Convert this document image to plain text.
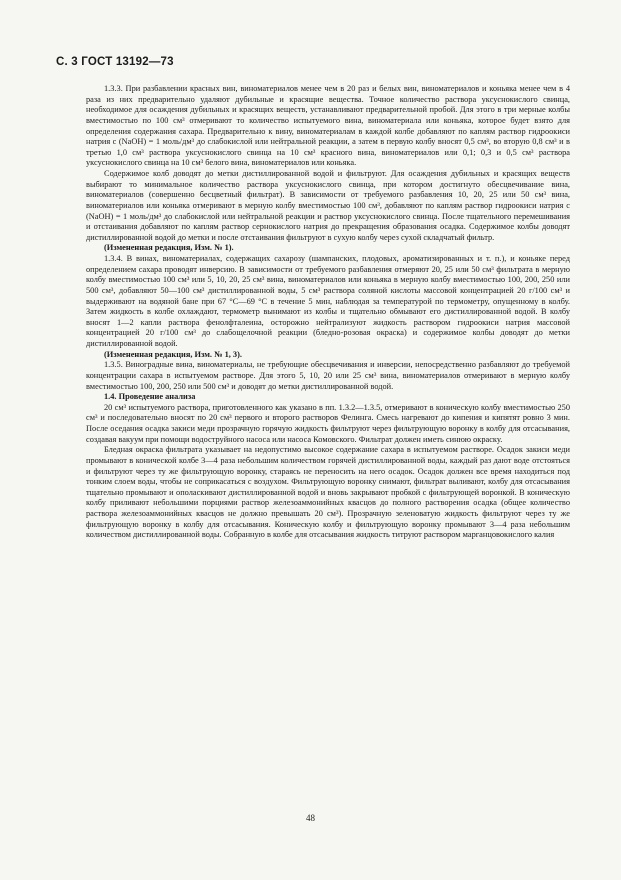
С. 3 ГОСТ 13192—73

1.3.3. При разбавлении красных вин, виноматериалов менее чем в 20 раз и белых вин, виноматериалов и коньяка менее чем в 4 раза из них предварительно удаляют дубильные и красящие вещества. Точное количество раствора уксуснокислого свинца, необходимое для осаждения дубильных и красящих веществ, устанавливают предварительной пробой. Для этого в три мерные колбы вместимостью по 100 см³ отмеривают то количество испытуемого вина, виноматериала или коньяка, которое будет взято для определения содержания сахара. Предварительно к вину, виноматериалам в каждой колбе добавляют по каплям раствор гидроокиси натрия c (NaOH) = 1 моль/дм³ до слабокислой или нейтральной реакции, а затем в первую колбу вносят 0,5 см³, во вторую 0,8 см³ и в третью 1,0 см³ раствора уксуснокислого свинца на 10 см³ красного вина, виноматериалов или 0,1; 0,3 и 0,5 см³ раствора уксуснокислого свинца на 10 см³ белого вина, виноматериалов или коньяка.

Содержимое колб доводят до метки дистиллированной водой и фильтруют. Для осаждения дубильных и красящих веществ выбирают то минимальное количество раствора уксуснокислого свинца, при котором достигнуто обесцвечивание вина, виноматериалов (совершенно бесцветный фильтрат). В зависимости от требуемого разбавления 10, 20, 25 или 50 см³ вина, виноматериалов или коньяка отмеривают в мерную колбу вместимостью 100 см³, добавляют по каплям раствор гидроокиси натрия c (NaOH) = 1 моль/дм³ до слабокислой или нейтральной реакции и раствор уксуснокислого свинца. После тщательного перемешивания и отстаивания добавляют по каплям раствор сернокислого натрия до прекращения образования осадка. Содержимое колбы доводят дистиллированной водой до метки и после отстаивания фильтруют в сухую колбу через сухой складчатый фильтр.

(Измененная редакция, Изм. № 1).

1.3.4. В винах, виноматериалах, содержащих сахарозу (шампанских, плодовых, ароматизированных и т. п.), и коньяке перед определением сахара проводят инверсию. В зависимости от требуемого разбавления отмеряют 20, 25 или 50 см³ фильтрата в мерную колбу вместимостью 100 см³ или 5, 10, 20, 25 см³ вина, виноматериалов или коньяка в мерную колбу вместимостью 100, 200, 250 или 500 см³, добавляют 50—100 см³ дистиллированной воды, 5 см³ раствора соляной кислоты массовой концентрацией 20 г/100 см³ и выдерживают на водяной бане при 67 °С—69 °С в течение 5 мин, наблюдая за температурой по термометру, опущенному в колбу. Затем жидкость в колбе охлаждают, термометр вынимают из колбы и тщательно обмывают его дистиллированной водой. В колбу вносят 1—2 капли раствора фенолфталеина, осторожно нейтрализуют жидкость раствором гидроокиси натрия массовой концентрацией 20 г/100 см³ до слабощелочной реакции (бледно-розовая окраска) и содержимое колбы доводят до метки дистиллированной водой.

(Измененная редакция, Изм. № 1, 3).

1.3.5. Виноградные вина, виноматериалы, не требующие обесцвечивания и инверсии, непосредственно разбавляют до требуемой концентрации сахара в испытуемом растворе. Для этого 5, 10, 20 или 25 см³ вина, виноматериалов отмеривают в мерную колбу вместимостью 100, 200, 250 или 500 см³ и доводят до метки дистиллированной водой.

1.4. Проведение анализа

20 см³ испытуемого раствора, приготовленного как указано в пп. 1.3.2—1.3.5, отмеривают в коническую колбу вместимостью 250 см³ и последовательно вносят по 20 см³ первого и второго растворов Фелинга. Смесь нагревают до кипения и кипятят ровно 3 мин. После оседания осадка закиси меди прозрачную горячую жидкость фильтруют через фильтрующую воронку в колбу для отсасывания, создавая вакуум при помощи водоструйного насоса или насоса Комовского. Фильтрат должен иметь синюю окраску.

Бледная окраска фильтрата указывает на недопустимо высокое содержание сахара в испытуемом растворе. Осадок закиси меди промывают в конической колбе 3—4 раза небольшим количеством горячей дистиллированной воды, каждый раз дают воде отстояться и фильтруют через ту же фильтрующую воронку, стараясь не переносить на него осадок. Осадок должен все время находиться под тонким слоем воды, чтобы не соприкасаться с воздухом. Фильтрующую воронку снимают, фильтрат выливают, колбу для отсасывания тщательно промывают и ополаскивают дистиллированной водой и вновь закрывают пробкой с фильтрующей воронкой. В коническую колбу приливают небольшими порциями раствор железоаммонийных квасцов до полного растворения осадка (общее количество раствора железоаммонийных квасцов не должно превышать 20 см³). Прозрачную зеленоватую жидкость фильтруют через ту же фильтрующую воронку в колбу для отсасывания. Коническую колбу и фильтрующую воронку промывают 3—4 раза небольшим количеством дистиллированной воды. Собранную в колбе для отсасывания жидкость титруют раствором марганцовокислого калия

48
